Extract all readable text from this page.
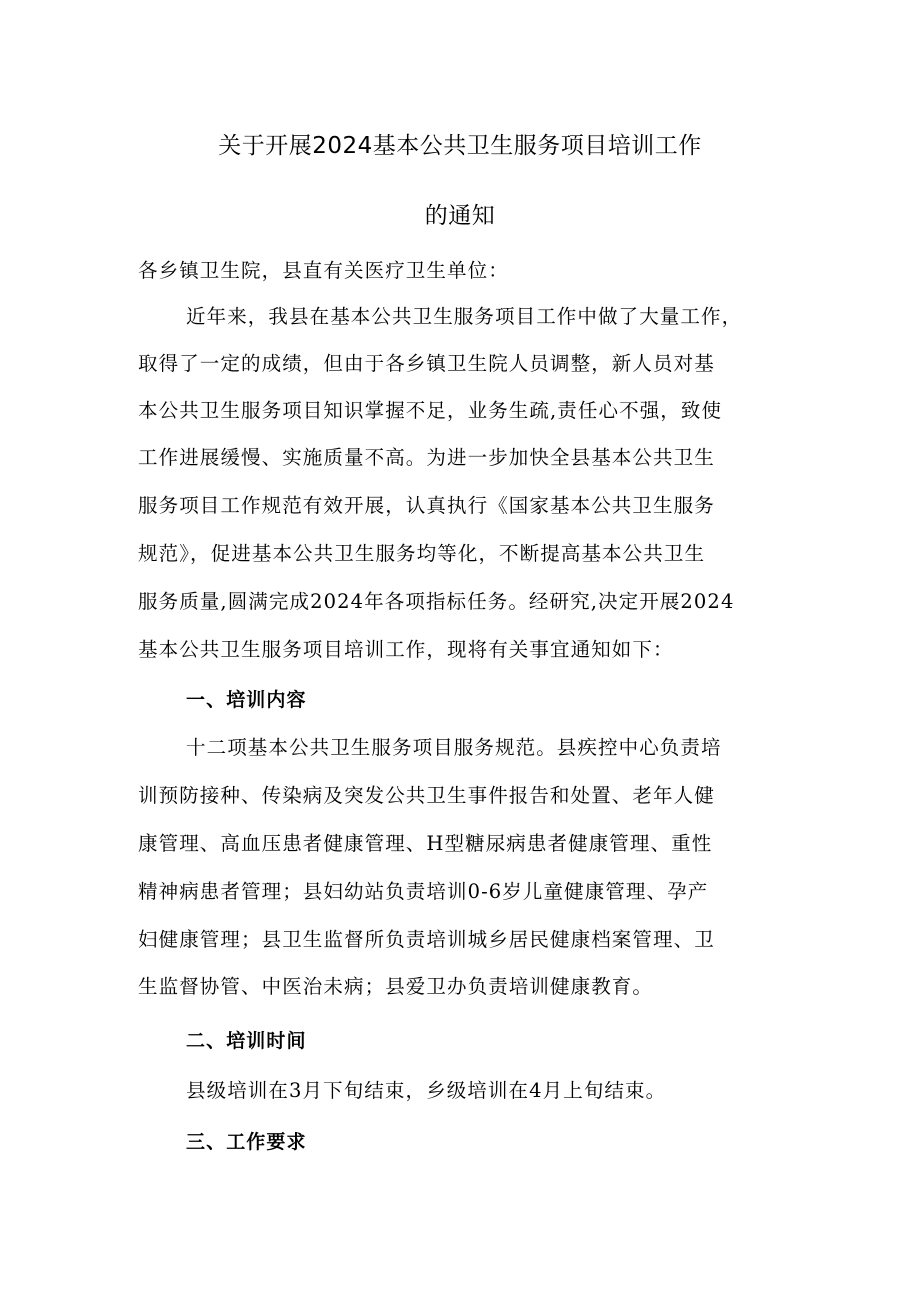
关于开展2024基本公共卫生服务项目培训工作
的通知
各乡镇卫生院，县直有关医疗卫生单位：
近年来，我县在基本公共卫生服务项目工作中做了大量工作，
取得了一定的成绩，但由于各乡镇卫生院人员调整，新人员对基
本公共卫生服务项目知识掌握不足，业务生疏,责任心不强，致使
工作进展缓慢、实施质量不高。为进一步加快全县基本公共卫生
服务项目工作规范有效开展，认真执行《国家基本公共卫生服务
规范》，促进基本公共卫生服务均等化，不断提高基本公共卫生
服务质量,圆满完成2024年各项指标任务。经研究,决定开展2024
基本公共卫生服务项目培训工作，现将有关事宜通知如下：
一、培训内容
十二项基本公共卫生服务项目服务规范。县疾控中心负责培
训预防接种、传染病及突发公共卫生事件报告和处置、老年人健
康管理、高血压患者健康管理、H型糖尿病患者健康管理、重性
精神病患者管理；县妇幼站负责培训0-6岁儿童健康管理、孕产
妇健康管理；县卫生监督所负责培训城乡居民健康档案管理、卫
生监督协管、中医治未病；县爱卫办负责培训健康教育。
二、培训时间
县级培训在3月下旬结束，乡级培训在4月上旬结束。
三、工作要求
